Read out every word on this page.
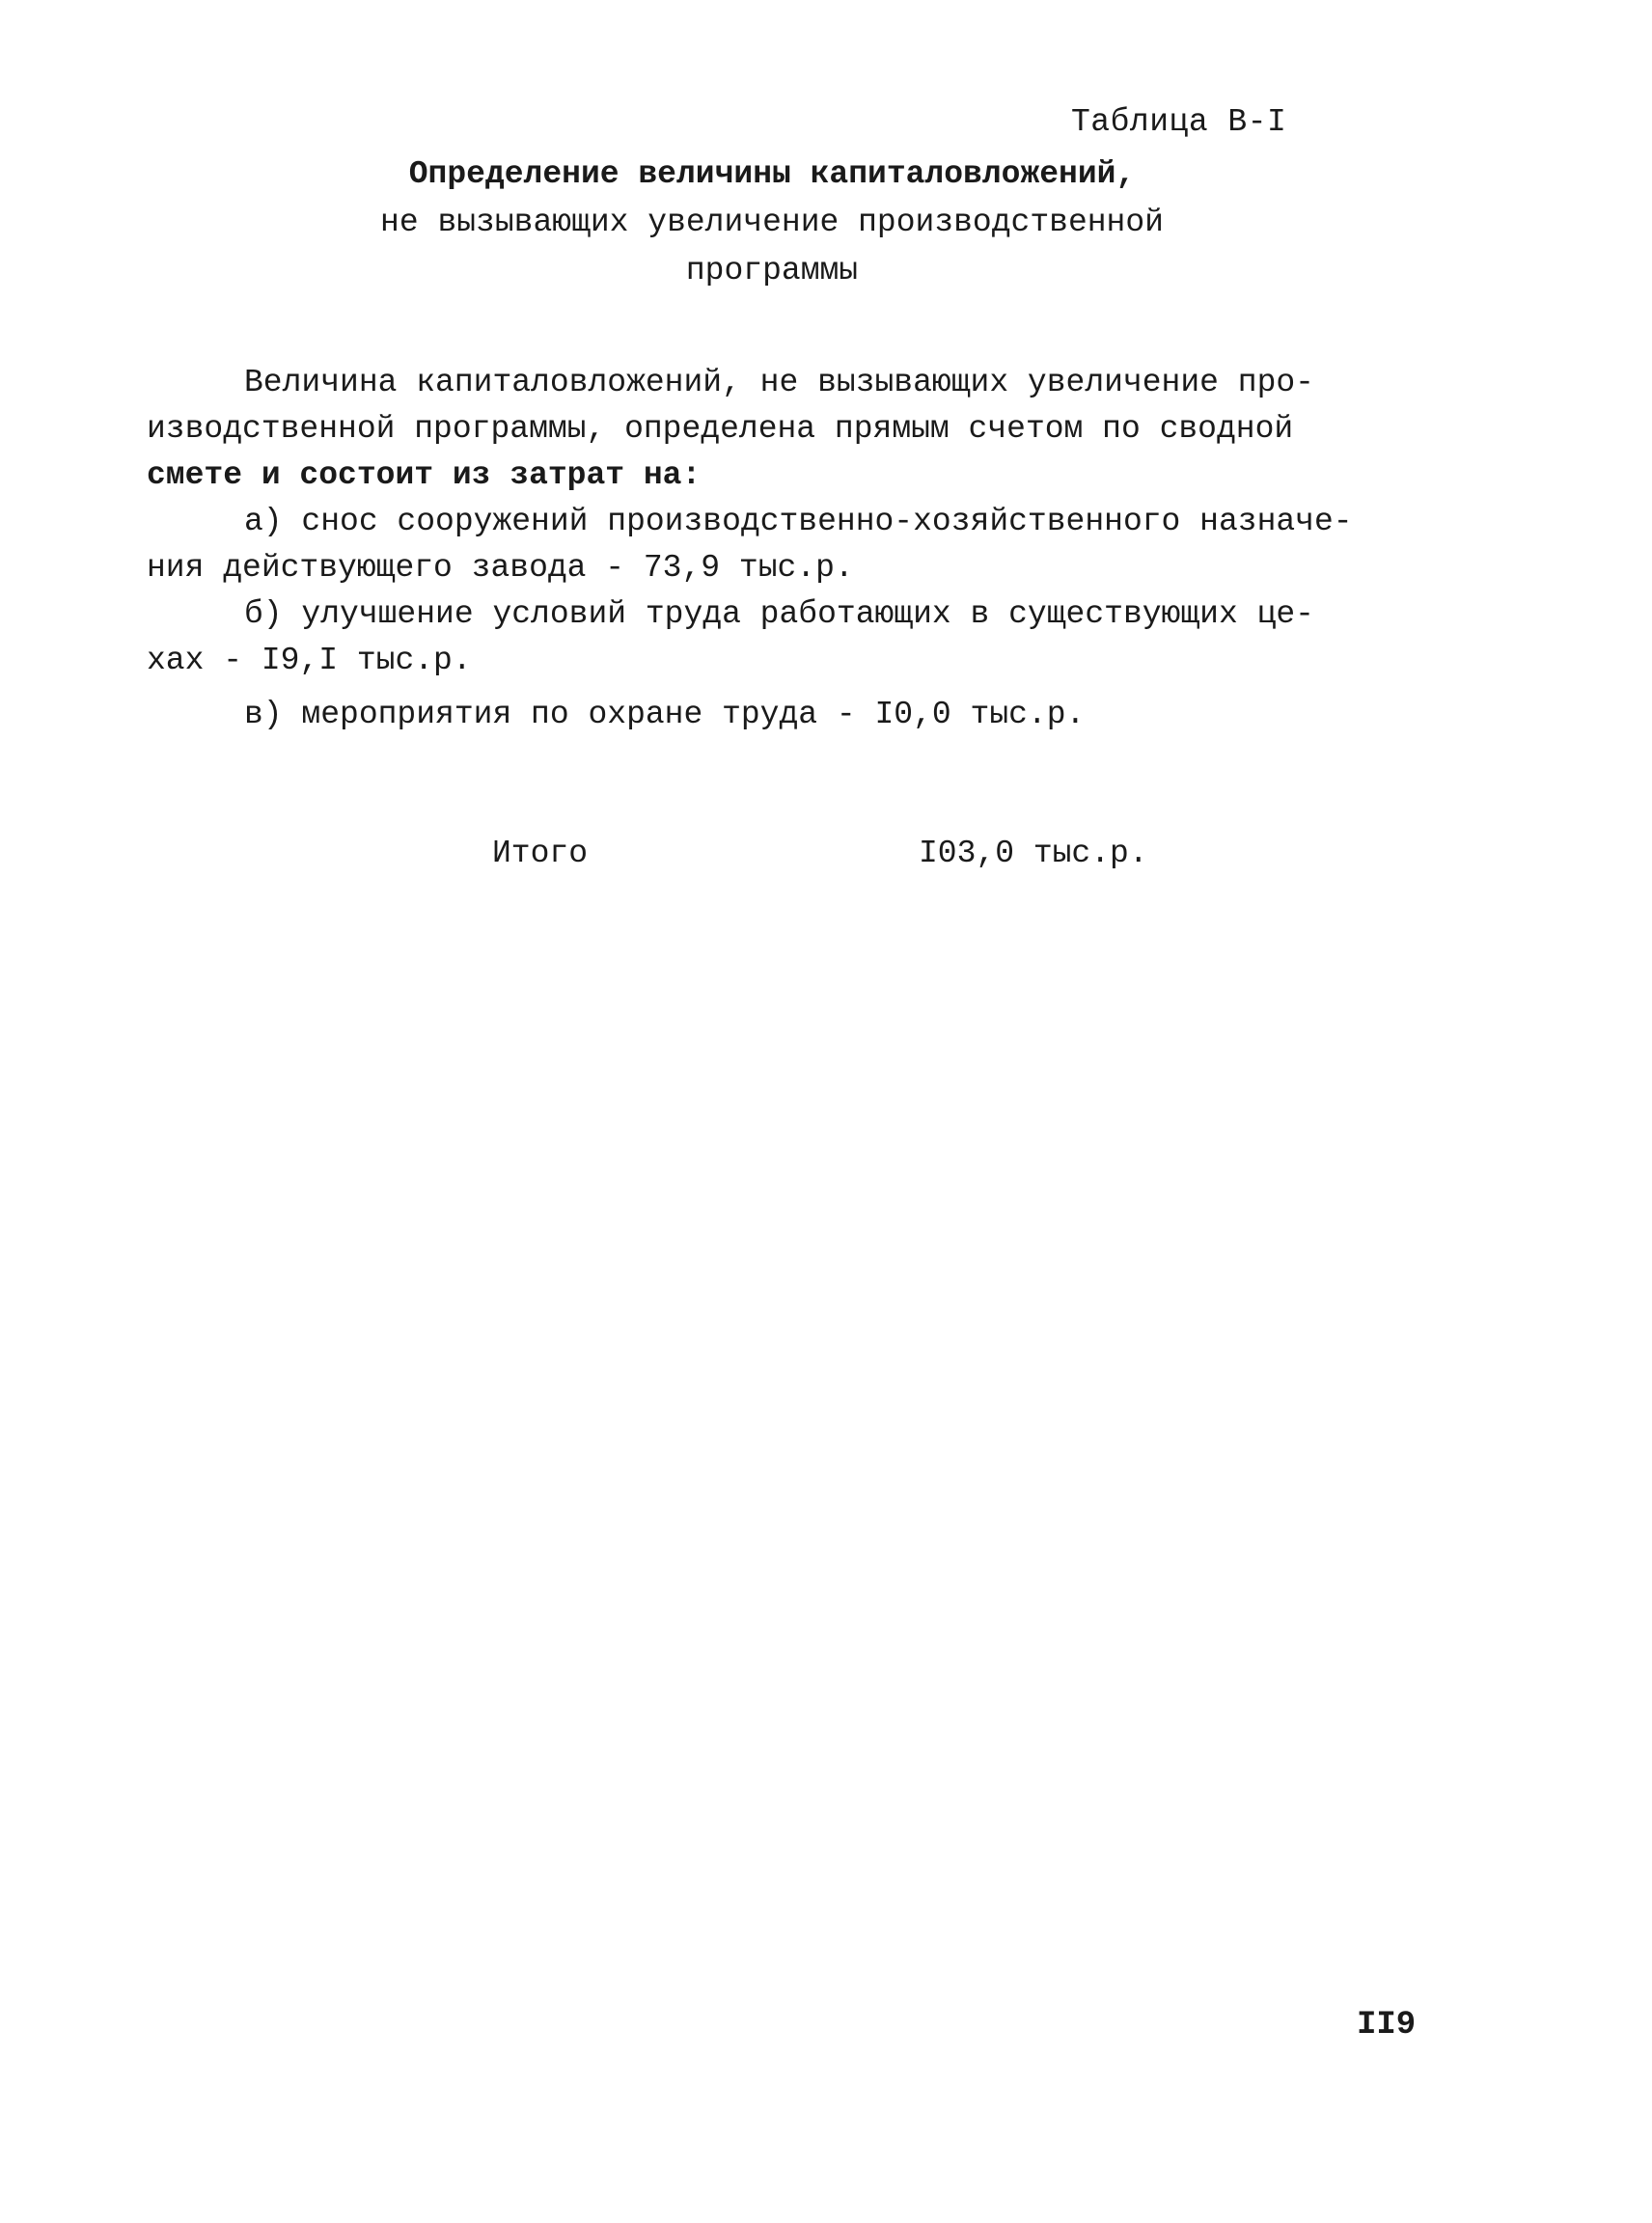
Таблица В-I
Определение величины капиталовложений,
не вызывающих увеличение производственной
программы
Величина капиталовложений, не вызывающих увеличение про-
изводственной программы, определена прямым счетом по сводной
смете и состоит из затрат на:
а) снос сооружений производственно-хозяйственного назначе-
ния действующего завода - 73,9 тыс.р.
б) улучшение условий труда работающих в существующих це-
хах - I9,I тыс.р.
в) мероприятия по охране труда - I0,0 тыс.р.
Итого	I03,0 тыс.р.
II9
